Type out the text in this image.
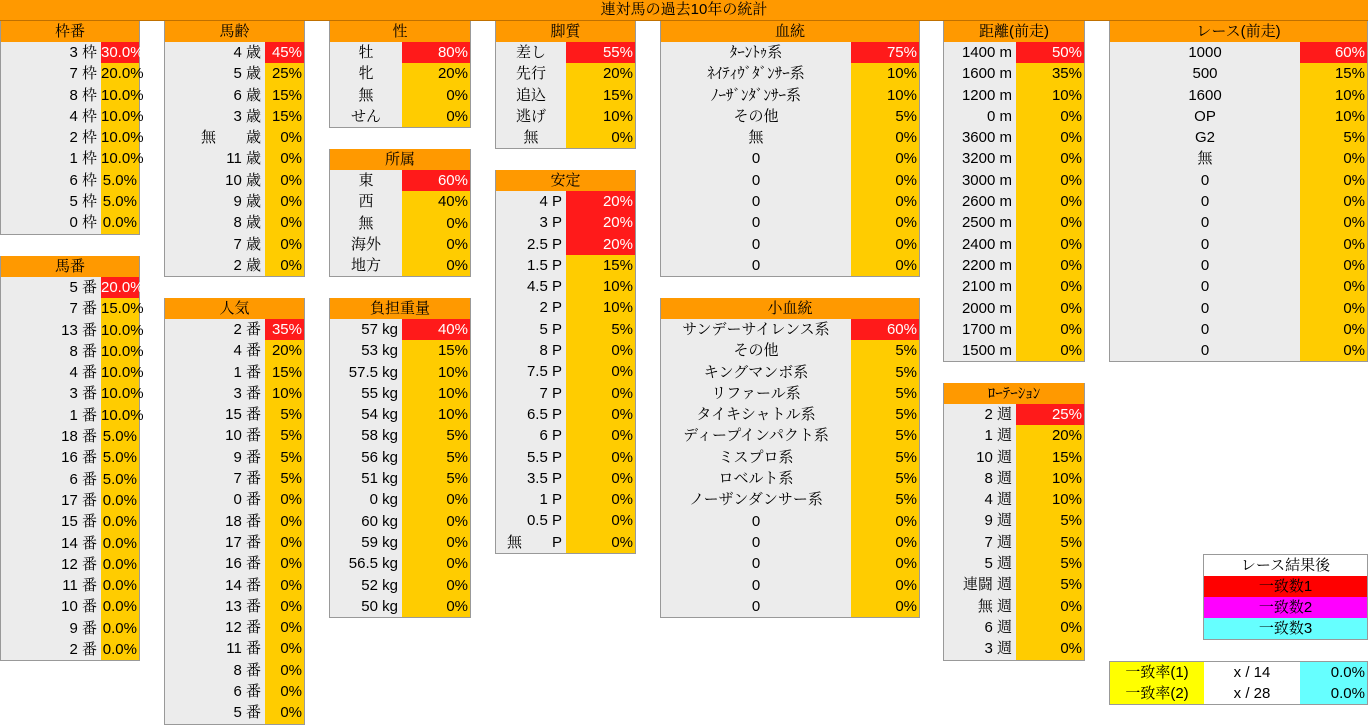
連対馬の過去10年の統計
枠番
3 枠 30.0%
7 枠 20.0%
8 枠 10.0%
4 枠 10.0%
2 枠 10.0%
1 枠 10.0%
6 枠 5.0%
5 枠 5.0%
0 枠 0.0%
馬番
5 番 20.0%
7 番 15.0%
13 番 10.0%
8 番 10.0%
4 番 10.0%
3 番 10.0%
1 番 10.0%
18 番 5.0%
16 番 5.0%
6 番 5.0%
17 番 0.0%
15 番 0.0%
14 番 0.0%
12 番 0.0%
11 番 0.0%
10 番 0.0%
9 番 0.0%
2 番 0.0%
馬齢
4 歳 45%
5 歳 25%
6 歳 15%
3 歳 15%
無　　歳	0%
11 歳	0%
10 歳	0%
9 歳	0%
8 歳	0%
7 歳	0%
2 歳	0%
人気
2 番 35%
4 番 20%
1 番 15%
3 番 10%
15 番	5%
10 番	5%
9 番	5%
7 番	5%
0 番	0%
18 番	0%
17 番	0%
16 番	0%
14 番	0%
13 番	0%
12 番	0%
11 番	0%
8 番	0%
6 番	0%
5 番	0%
性
牡	80%
牝	20%
無	0%
せん	0%
所属
東	60%
西	40%
無	0%
海外	0%
地方	0%
負担重量
57 kg	40%
53 kg	15%
57.5 kg	10%
55 kg	10%
54 kg	10%
58 kg	5%
56 kg	5%
51 kg	5%
0 kg	0%
60 kg	0%
59 kg	0%
56.5 kg	0%
52 kg	0%
50 kg	0%
脚質
差し	55%
先行	20%
追込	15%
逃げ	10%
無	0%
安定
4 P	20%
3 P	20%
2.5 P	20%
1.5 P	15%
4.5 P	10%
2 P	10%
5 P	5%
8 P	0%
7.5 P	0%
7 P	0%
6.5 P	0%
6 P	0%
5.5 P	0%
3.5 P	0%
1 P	0%
0.5 P	0%
無　　P	0%
血統
ﾀｰﾝﾄｩ系	75%
ﾈｲﾃｨｳﾞﾀﾞﾝｻｰ系	10%
ﾉｰｻﾞﾝﾀﾞﾝｻｰ系	10%
その他	5%
無	0%
0	0%
0	0%
0	0%
0	0%
0	0%
0	0%
小血統
サンデーサイレンス系	60%
その他	5%
キングマンボ系	5%
リファール系	5%
タイキシャトル系	5%
ディープインパクト系	5%
ミスプロ系	5%
ロベルト系	5%
ノーザンダンサー系	5%
0	0%
0	0%
0	0%
0	0%
0	0%
距離(前走)
1400 m	50%
1600 m	35%
1200 m	10%
0 m	0%
3600 m	0%
3200 m	0%
3000 m	0%
2600 m	0%
2500 m	0%
2400 m	0%
2200 m	0%
2100 m	0%
2000 m	0%
1700 m	0%
1500 m	0%
ﾛｰﾃｰｼｮﾝ
2 週	25%
1 週	20%
10 週	15%
8 週	10%
4 週	10%
9 週	5%
7 週	5%
5 週	5%
連闘 週	5%
無 週	0%
6 週	0%
3 週	0%
レース(前走)
1000	60%
500	15%
1600	10%
OP	10%
G2	5%
無	0%
0	0%
0	0%
0	0%
0	0%
0	0%
0	0%
0	0%
0	0%
0	0%
レース結果後
一致数1
一致数2
一致数3
一致率(1)	x / 14	0.0%
一致率(2)	x / 28	0.0%
